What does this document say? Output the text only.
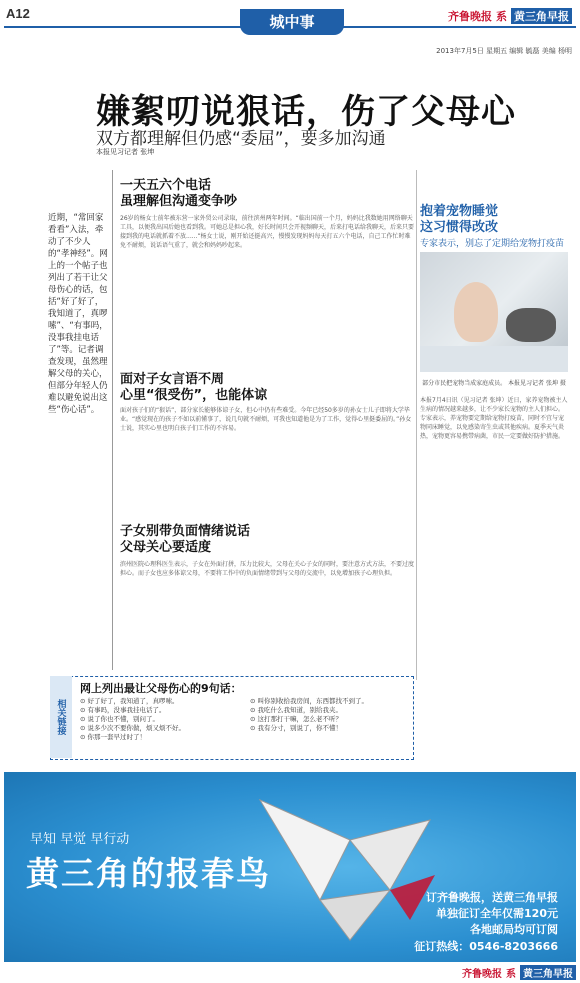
A12	城中事	齐鲁晚报 系 黄三角早报
2013年7月5日 星期五 编辑 毓磊 美编 杨明
嫌絮叨说狠话，伤了父母心
双方都理解但仍感“委屈”，要多加沟通
本报见习记者 张坤
近期，“常回家看看”入法，牵动了不少人的“孝神经”。网上的一个帖子也列出了若干让父母伤心的话，包括“好了好了，我知道了，真啰嗦”、“有事吗，没事我挂电话了”等。记者调查发现，虽然理解父母的关心，但部分年轻人仍难以避免说出这些“伤心话”。
一天五六个电话
虽理解但沟通变争吵
26岁的杨女士前年被东营一家外贸公司录取，前往滨州两年时间。“临出国前一个月，妈妈比我数她用网络聊天工具，以便我出国后她也看到我。可她总是担心我，好长时间只会开视频聊天，后来打电话给我聊天，后来只要接到我的电话就抓着不放......”杨女士说，刚开始还挺高兴，慢慢发现妈妈每天打五六个电话，自己工作忙时难免不耐烦，说话语气重了，就会和妈妈吵起来。
面对子女言语不周
心里“很受伤”，也能体谅
面对孩子们的“狠话”，部分家长能够体谅子女，但心中仍有些难受。今年已经50多岁的孙女士儿子即将大学毕业。“感觉现在的孩子不如以前懂事了，说几句就不耐烦，可我也知道他是为了工作，觉得心里挺委屈的。”孙女士说，其实心里也明白孩子们工作的不容易。
子女别带负面情绪说话
父母关心要适度
滨州医院心理科医生表示，子女在外面打拼，压力比较大，父母在关心子女的同时，要注意方式方法，不要过度担心。而子女也应多体谅父母，不要将工作中的负面情绪带到与父母的交流中，以免增加孩子心理负担。
抱着宠物睡觉
这习惯得改改
专家表示，别忘了定期给宠物打疫苗
部分市民把宠物当成家庭成员。 本报见习记者 张坤 摄
本报7月4日讯（见习记者 张坤）近日，家养宠物被主人生病的情况越来越多，让不少家长宠物的主人们担心。专家表示，养宠物要定期给宠物打疫苗，同时不宜与宠物同床睡觉，以免感染寄生虫或其他疾病。夏季天气炎热，宠物更容易携带病菌，市民一定要做好防护措施。
相关链接
网上列出最让父母伤心的9句话：
⊙ 好了好了，我知道了，真啰嗦。	⊙ 叫你别收拾我房间，东西都找不到了。
⊙ 有事吗，没事我挂电话了。	⊙ 我吃什么我知道，别给我夹。
⊙ 说了你也不懂，别问了。	⊙ 这打那打干嘛，怎么老不听？
⊙ 说多少次不要你做，烦又烦不好。	⊙ 我有分寸，别说了，你不懂！
⊙ 你那一套早过时了！
早知 早觉 早行动
黄三角的报春鸟
订齐鲁晚报，送黄三角早报
单独征订全年仅需120元
各地邮局均可订阅
征订热线：0546-8203666
齐鲁晚报 系 黄三角早报
